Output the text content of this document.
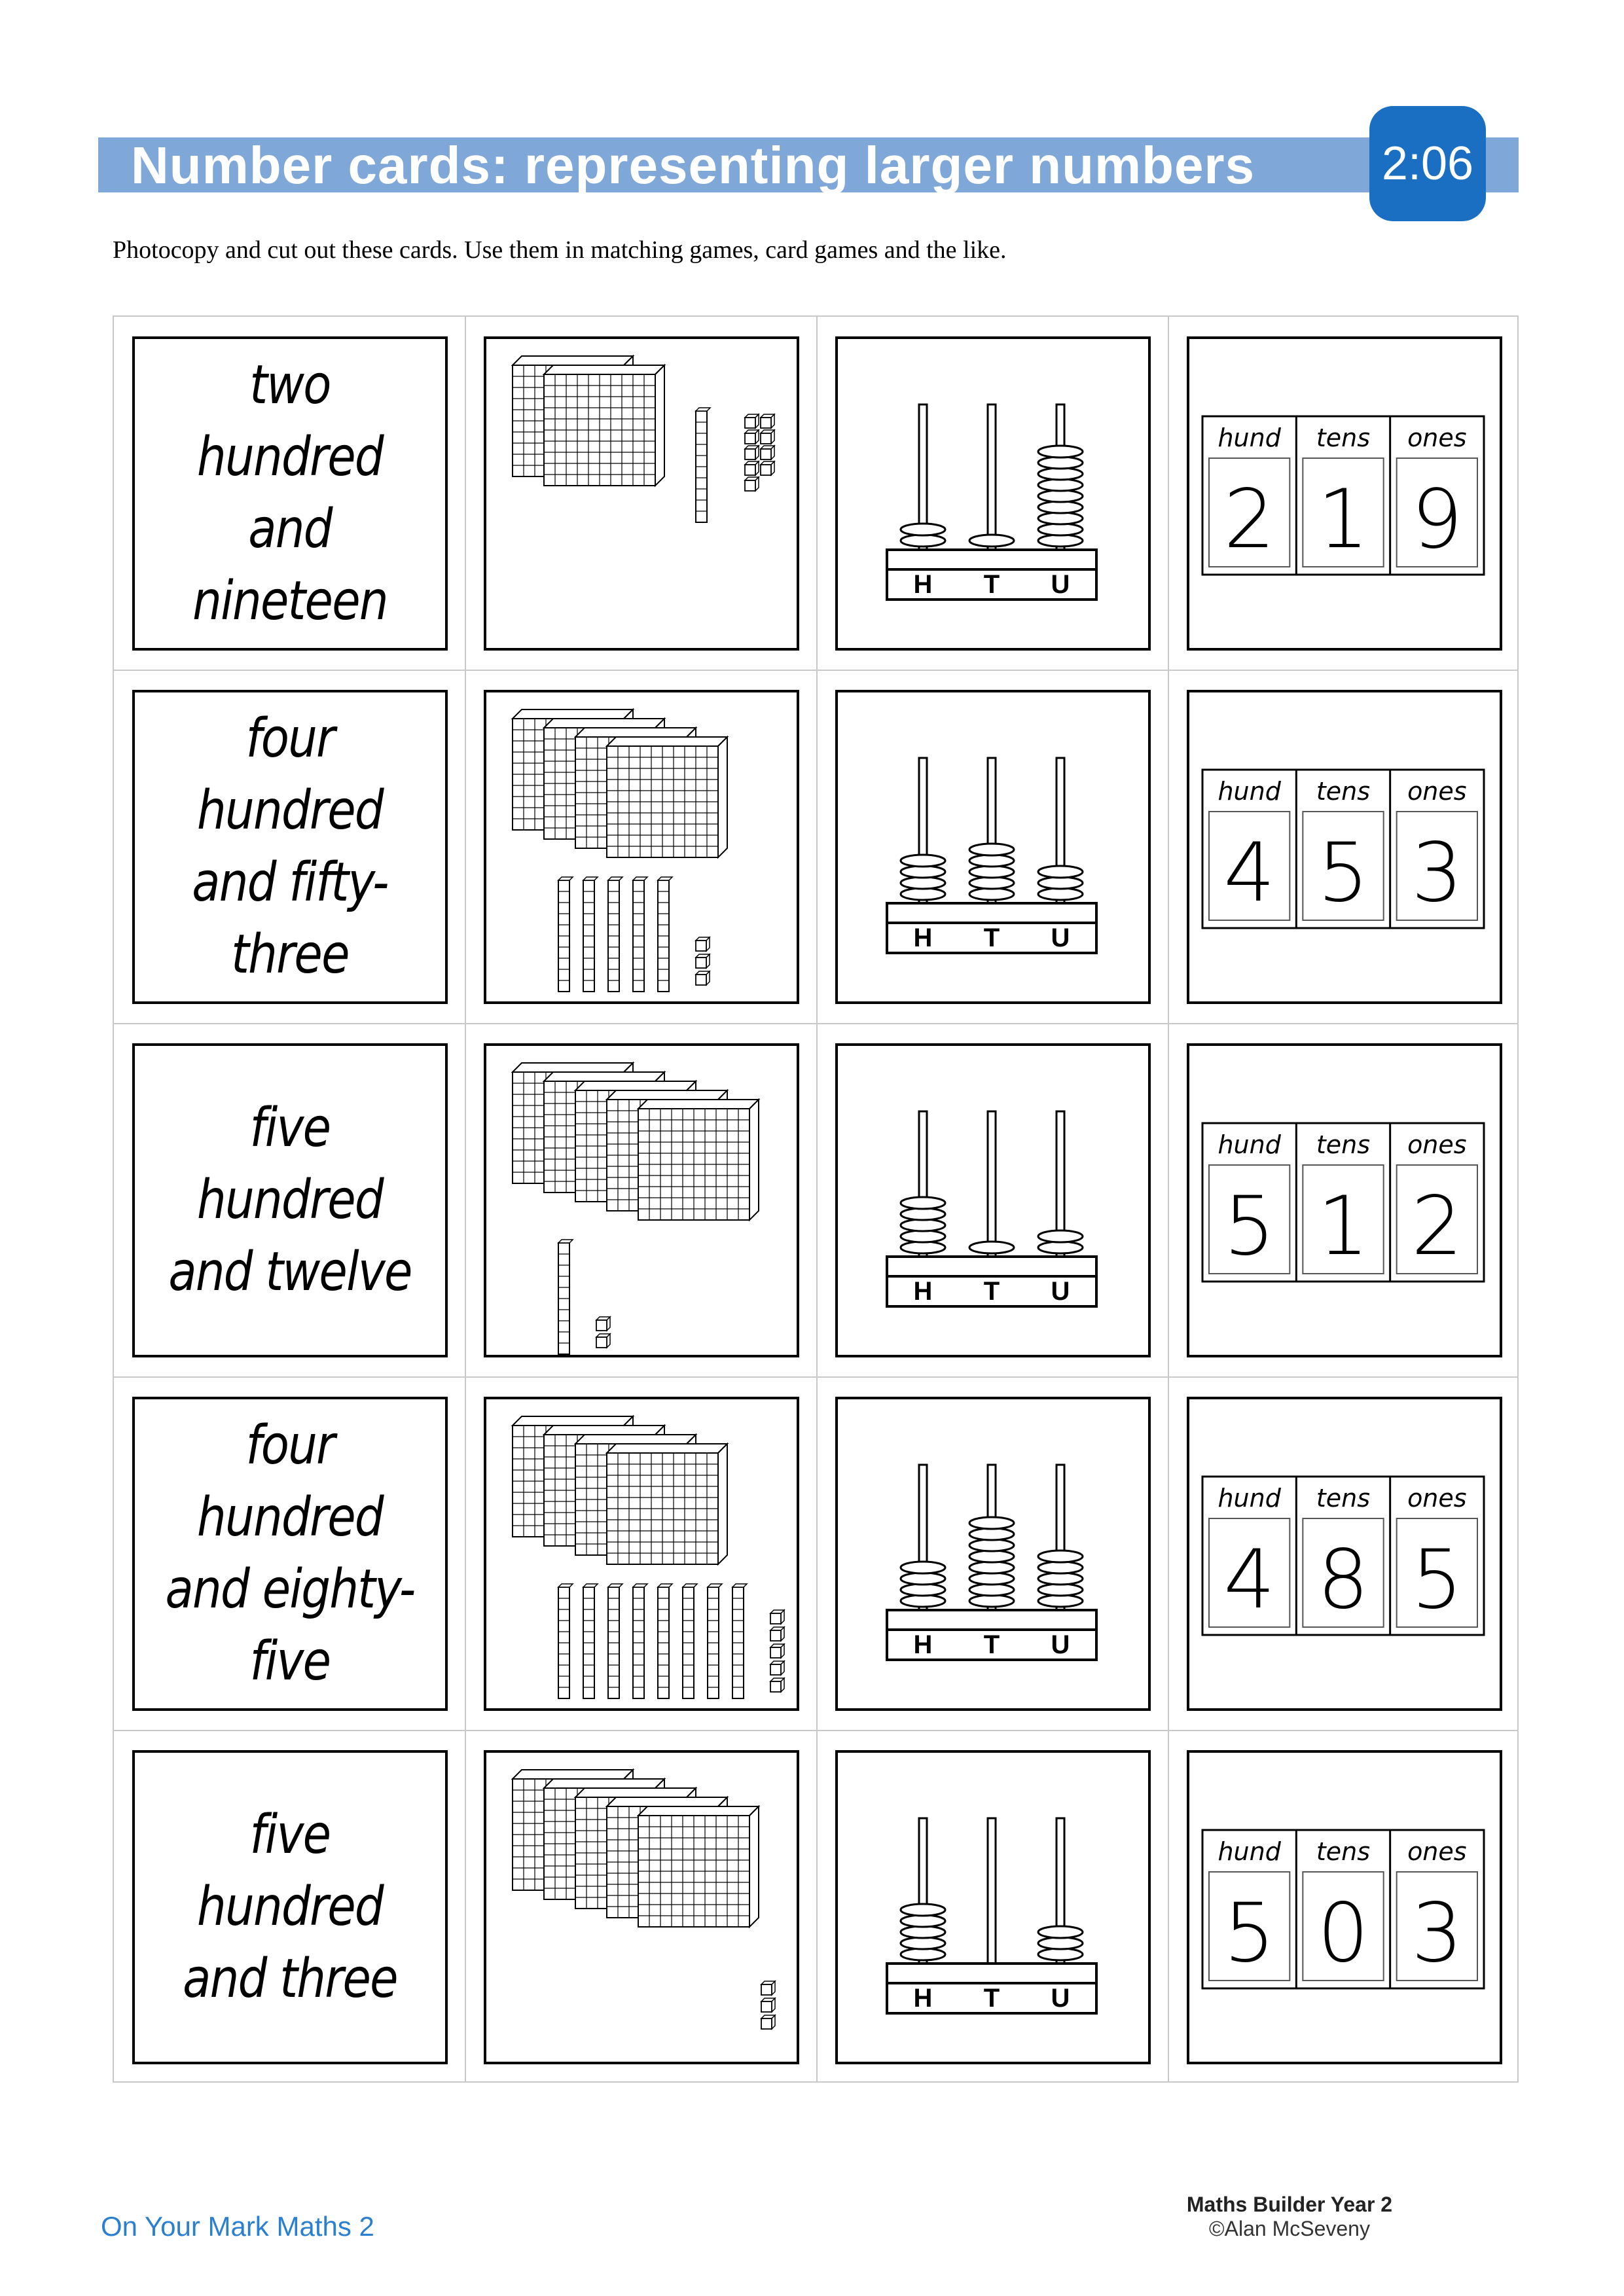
Number cards: representing larger numbers	2:06
Photocopy and cut out these cards. Use them in matching games, card games and the like.
two hundred
and nineteen	H T U
hund
2
tens
1
ones
9
four hundred
and fifty-three	H T U
hund
4
tens
5
ones
3
five hundred
and twelve	H T U
hund
5
tens
1
ones
2
four hundred
and eighty-five	H T U
hund
4
tens
8
ones
5
five hundred
and three	H T U
hund
5
tens
0
ones
3
On Your Mark Maths 2
Maths Builder Year 2
©Alan McSeveny
